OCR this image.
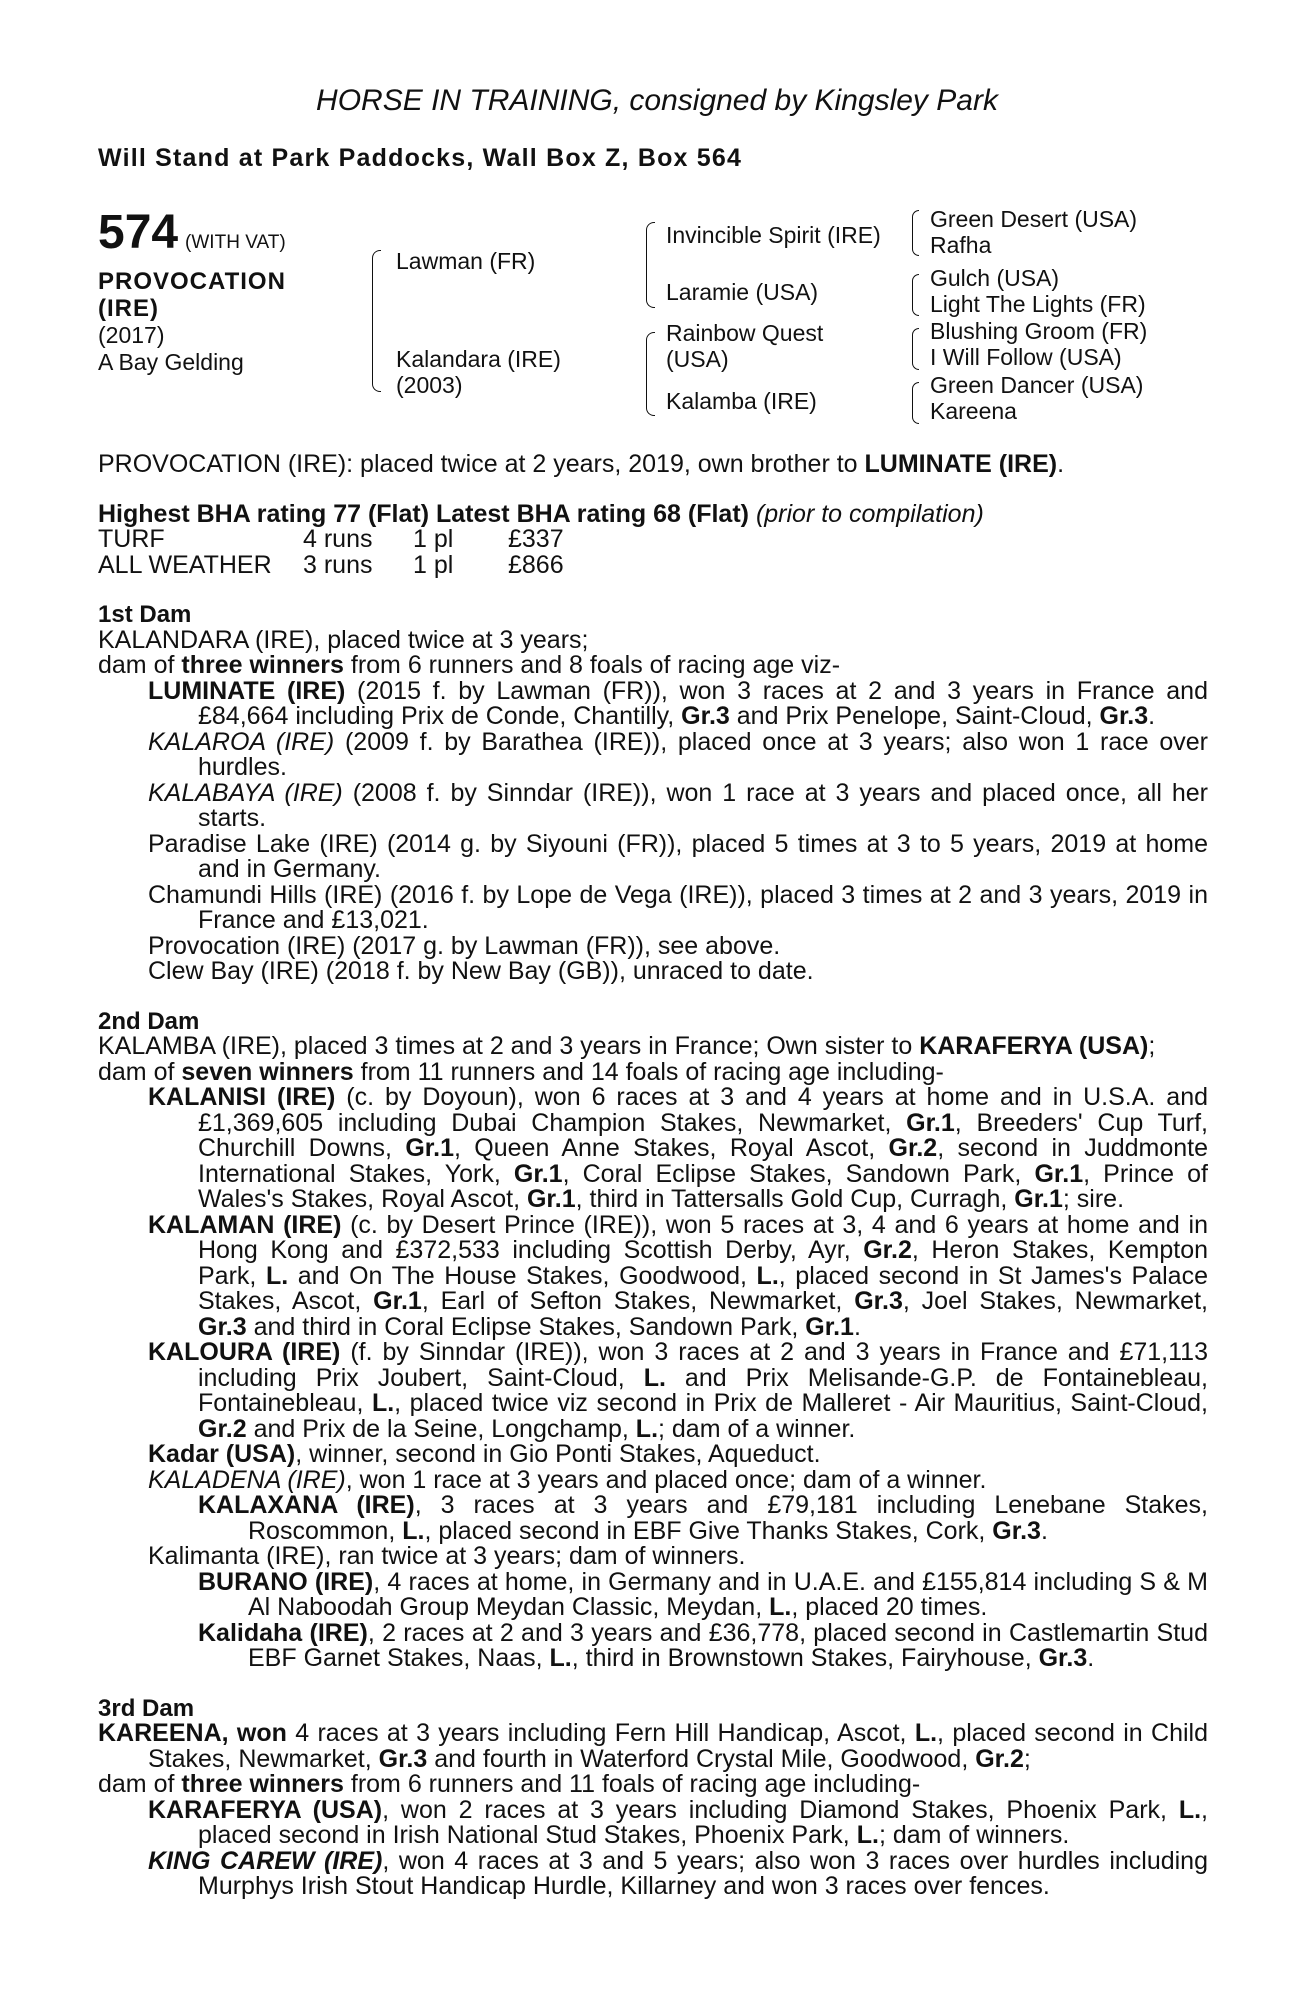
HORSE IN TRAINING, consigned by Kingsley Park
Will Stand at Park Paddocks, Wall Box Z, Box 564
574 (WITH VAT)
PROVOCATION
(IRE)
(2017)
A Bay Gelding
Lawman (FR)
Kalandara (IRE)
(2003)
Invincible Spirit (IRE)
Laramie (USA)
Rainbow Quest
(USA)
Kalamba (IRE)
Green Desert (USA)
Rafha
Gulch (USA)
Light The Lights (FR)
Blushing Groom (FR)
I Will Follow (USA)
Green Dancer (USA)
Kareena

PROVOCATION (IRE): placed twice at 2 years, 2019, own brother to LUMINATE (IRE).

Highest BHA rating 77 (Flat) Latest BHA rating 68 (Flat) (prior to compilation)

TURF	4 runs	1 pl	£337
ALL WEATHER	3 runs	1 pl	£866

1st Dam

KALANDARA (IRE), placed twice at 3 years;

dam of three winners from 6 runners and 8 foals of racing age viz-

LUMINATE (IRE) (2015 f. by Lawman (FR)), won 3 races at 2 and 3 years in France and £84,664 including Prix de Conde, Chantilly, Gr.3 and Prix Penelope, Saint-Cloud, Gr.3.

KALAROA (IRE) (2009 f. by Barathea (IRE)), placed once at 3 years; also won 1 race over hurdles.

KALABAYA (IRE) (2008 f. by Sinndar (IRE)), won 1 race at 3 years and placed once, all her starts.

Paradise Lake (IRE) (2014 g. by Siyouni (FR)), placed 5 times at 3 to 5 years, 2019 at home and in Germany.

Chamundi Hills (IRE) (2016 f. by Lope de Vega (IRE)), placed 3 times at 2 and 3 years, 2019 in France and £13,021.

Provocation (IRE) (2017 g. by Lawman (FR)), see above.

Clew Bay (IRE) (2018 f. by New Bay (GB)), unraced to date.

2nd Dam

KALAMBA (IRE), placed 3 times at 2 and 3 years in France; Own sister to KARAFERYA (USA);

dam of seven winners from 11 runners and 14 foals of racing age including-

KALANISI (IRE) (c. by Doyoun), won 6 races at 3 and 4 years at home and in U.S.A. and £1,369,605 including Dubai Champion Stakes, Newmarket, Gr.1, Breeders' Cup Turf, Churchill Downs, Gr.1, Queen Anne Stakes, Royal Ascot, Gr.2, second in Juddmonte International Stakes, York, Gr.1, Coral Eclipse Stakes, Sandown Park, Gr.1, Prince of Wales's Stakes, Royal Ascot, Gr.1, third in Tattersalls Gold Cup, Curragh, Gr.1; sire.

KALAMAN (IRE) (c. by Desert Prince (IRE)), won 5 races at 3, 4 and 6 years at home and in Hong Kong and £372,533 including Scottish Derby, Ayr, Gr.2, Heron Stakes, Kempton Park, L. and On The House Stakes, Goodwood, L., placed second in St James's Palace Stakes, Ascot, Gr.1, Earl of Sefton Stakes, Newmarket, Gr.3, Joel Stakes, Newmarket, Gr.3 and third in Coral Eclipse Stakes, Sandown Park, Gr.1.

KALOURA (IRE) (f. by Sinndar (IRE)), won 3 races at 2 and 3 years in France and £71,113 including Prix Joubert, Saint-Cloud, L. and Prix Melisande-G.P. de Fontainebleau, Fontainebleau, L., placed twice viz second in Prix de Malleret - Air Mauritius, Saint-Cloud, Gr.2 and Prix de la Seine, Longchamp, L.; dam of a winner.

Kadar (USA), winner, second in Gio Ponti Stakes, Aqueduct.

KALADENA (IRE), won 1 race at 3 years and placed once; dam of a winner.

KALAXANA (IRE), 3 races at 3 years and £79,181 including Lenebane Stakes, Roscommon, L., placed second in EBF Give Thanks Stakes, Cork, Gr.3.

Kalimanta (IRE), ran twice at 3 years; dam of winners.

BURANO (IRE), 4 races at home, in Germany and in U.A.E. and £155,814 including S & M Al Naboodah Group Meydan Classic, Meydan, L., placed 20 times.

Kalidaha (IRE), 2 races at 2 and 3 years and £36,778, placed second in Castlemartin Stud EBF Garnet Stakes, Naas, L., third in Brownstown Stakes, Fairyhouse, Gr.3.

3rd Dam

KAREENA, won 4 races at 3 years including Fern Hill Handicap, Ascot, L., placed second in Child Stakes, Newmarket, Gr.3 and fourth in Waterford Crystal Mile, Goodwood, Gr.2;

dam of three winners from 6 runners and 11 foals of racing age including-

KARAFERYA (USA), won 2 races at 3 years including Diamond Stakes, Phoenix Park, L., placed second in Irish National Stud Stakes, Phoenix Park, L.; dam of winners.

KING CAREW (IRE), won 4 races at 3 and 5 years; also won 3 races over hurdles including Murphys Irish Stout Handicap Hurdle, Killarney and won 3 races over fences.
